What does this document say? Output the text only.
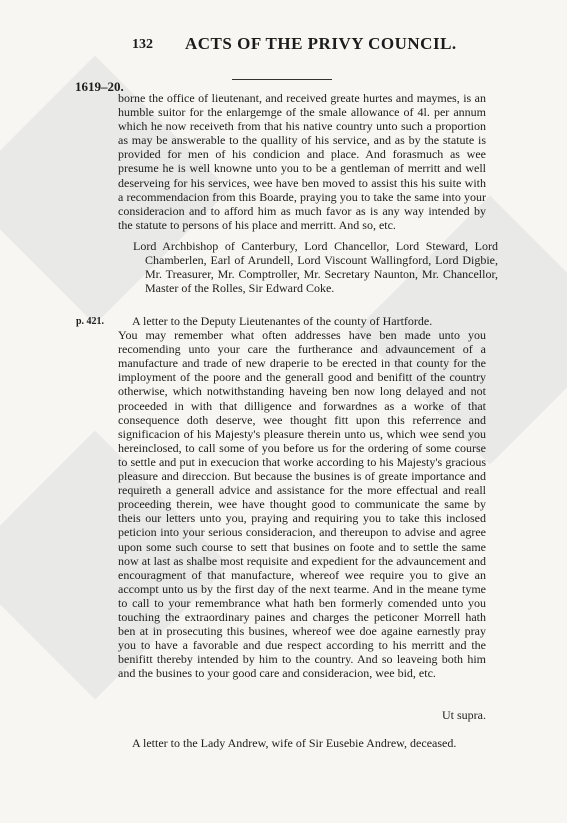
132 ACTS OF THE PRIVY COUNCIL.
1619–20.
p. 421.

borne the office of lieutenant, and received greate hurtes and maymes, is an humble suitor for the enlargemge of the smale allowance of 4l. per annum which he now receiveth from that his native country unto such a proportion as may be answerable to the quallity of his service, and as by the statute is provided for men of his condicion and place. And forasmuch as wee presume he is well knowne unto you to be a gentleman of merritt and well deserveing for his services, wee have ben moved to assist this his suite with a recommendacion from this Boarde, praying you to take the same into your consideracion and to afford him as much favor as is any way intended by the statute to persons of his place and merritt. And so, etc.

Lord Archbishop of Canterbury, Lord Chancellor, Lord Steward, Lord Chamberlen, Earl of Arundell, Lord Viscount Wallingford, Lord Digbie, Mr. Treasurer, Mr. Comptroller, Mr. Secretary Naunton, Mr. Chancellor, Master of the Rolles, Sir Edward Coke.

A letter to the Deputy Lieutenantes of the county of Hartforde.
You may remember what often addresses have ben made unto you recomending unto your care the furtherance and advauncement of a manufacture and trade of new draperie to be erected in that county for the imployment of the poore and the generall good and benifitt of the country otherwise, which notwithstanding haveing ben now long delayed and not proceeded in with that dilligence and forwardnes as a worke of that consequence doth deserve, wee thought fitt upon this referrence and significacion of his Majesty's pleasure therein unto us, which wee send you hereinclosed, to call some of you before us for the ordering of some course to settle and put in execucion that worke according to his Majesty's gracious pleasure and direccion. But because the busines is of greate importance and requireth a generall advice and assistance for the more effectual and reall proceeding therein, wee have thought good to communicate the same by theis our letters unto you, praying and requiring you to take this inclosed peticion into your serious consideracion, and thereupon to advise and agree upon some such course to sett that busines on foote and to settle the same now at last as shalbe most requisite and expedient for the advauncement and encouragment of that manufacture, whereof wee require you to give an accompt unto us by the first day of the next tearme. And in the meane tyme to call to your remembrance what hath ben formerly comended unto you touching the extraordinary paines and charges the peticoner Morrell hath ben at in prosecuting this busines, whereof wee doe againe earnestly pray you to have a favorable and due respect according to his merritt and the benifitt thereby intended by him to the country. And so leaveing both him and the busines to your good care and consideracion, wee bid, etc.

Ut supra.

A letter to the Lady Andrew, wife of Sir Eusebie Andrew, deceased.
